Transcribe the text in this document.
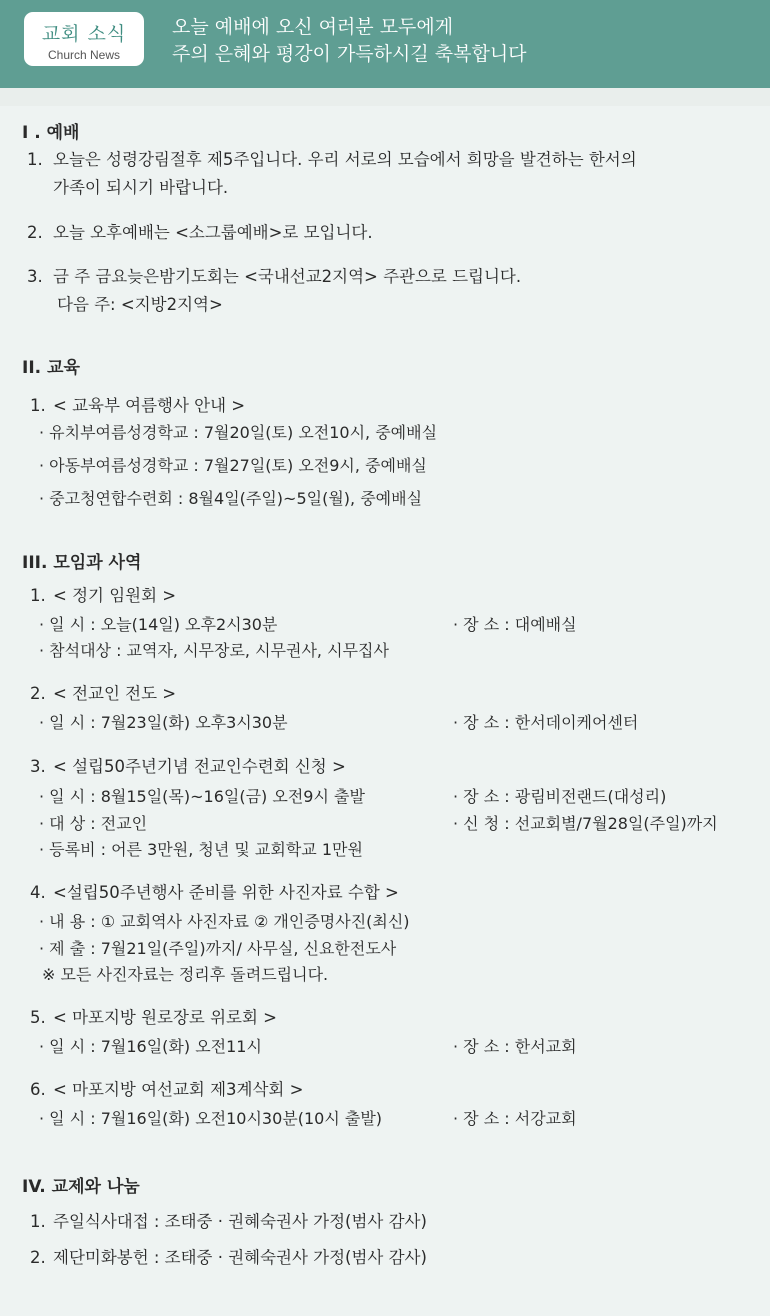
교회 소식
Church News
오늘 예배에 오신 여러분 모두에게
주의 은혜와 평강이 가득하시길 축복합니다
I . 예배
1. 오늘은 성령강림절후 제5주입니다. 우리 서로의 모습에서 희망을 발견하는 한서의
가족이 되시기 바랍니다.
2. 오늘 오후예배는 <소그룹예배>로 모입니다.
3. 금 주 금요늦은밤기도회는 <국내선교2지역> 주관으로 드립니다.
다음 주: <지방2지역>
II. 교육
1. < 교육부 여름행사 안내 >
· 유치부여름성경학교 : 7월20일(토) 오전10시, 중예배실
· 아동부여름성경학교 : 7월27일(토) 오전9시, 중예배실
· 중고청연합수련회 : 8월4일(주일)~5일(월), 중예배실
III. 모임과 사역
1. < 정기 임원회 >
· 일 시 : 오늘(14일) 오후2시30분	· 장 소 : 대예배실
· 참석대상 : 교역자, 시무장로, 시무권사, 시무집사
2. < 전교인 전도 >
· 일 시 : 7월23일(화) 오후3시30분	· 장 소 : 한서데이케어센터
3. < 설립50주년기념 전교인수련회 신청 >
· 일 시 : 8월15일(목)~16일(금) 오전9시 출발	· 장 소 : 광림비전랜드(대성리)
· 대 상 : 전교인	· 신 청 : 선교회별/7월28일(주일)까지
· 등록비 : 어른 3만원, 청년 및 교회학교 1만원
4. <설립50주년행사 준비를 위한 사진자료 수합 >
· 내 용 : ① 교회역사 사진자료 ② 개인증명사진(최신)
· 제 출 : 7월21일(주일)까지/ 사무실, 신요한전도사
※ 모든 사진자료는 정리후 돌려드립니다.
5. < 마포지방 원로장로 위로회 >
· 일 시 : 7월16일(화) 오전11시	· 장 소 : 한서교회
6. < 마포지방 여선교회 제3계삭회 >
· 일 시 : 7월16일(화) 오전10시30분(10시 출발)	· 장 소 : 서강교회
IV. 교제와 나눔
1. 주일식사대접 : 조태중 · 권혜숙권사 가정(범사 감사)
2. 제단미화봉헌 : 조태중 · 권혜숙권사 가정(범사 감사)
